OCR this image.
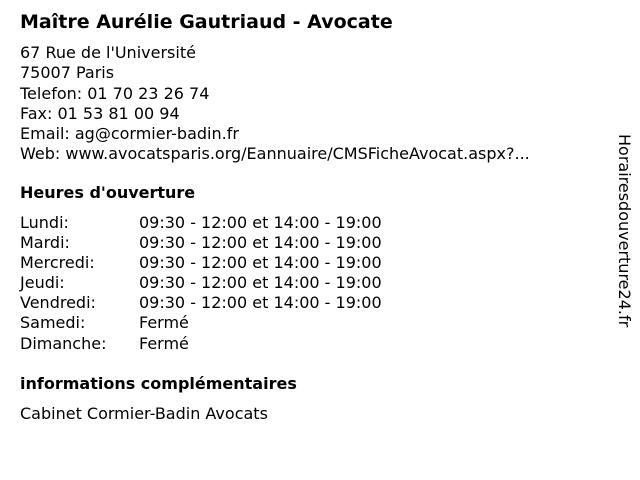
Maître Aurélie Gautriaud - Avocate
67 Rue de l'Université
75007 Paris
Telefon: 01 70 23 26 74
Fax: 01 53 81 00 94
Email: ag@cormier-badin.fr
Web: www.avocatsparis.org/Eannuaire/CMSFicheAvocat.aspx?...
Heures d'ouverture
Lundi:	09:30 - 12:00 et 14:00 - 19:00
Mardi:	09:30 - 12:00 et 14:00 - 19:00
Mercredi:	09:30 - 12:00 et 14:00 - 19:00
Jeudi:	09:30 - 12:00 et 14:00 - 19:00
Vendredi:	09:30 - 12:00 et 14:00 - 19:00
Samedi:	Fermé
Dimanche: Fermé
informations complémentaires
Cabinet Cormier-Badin Avocats
Horairesdouverture24.fr
